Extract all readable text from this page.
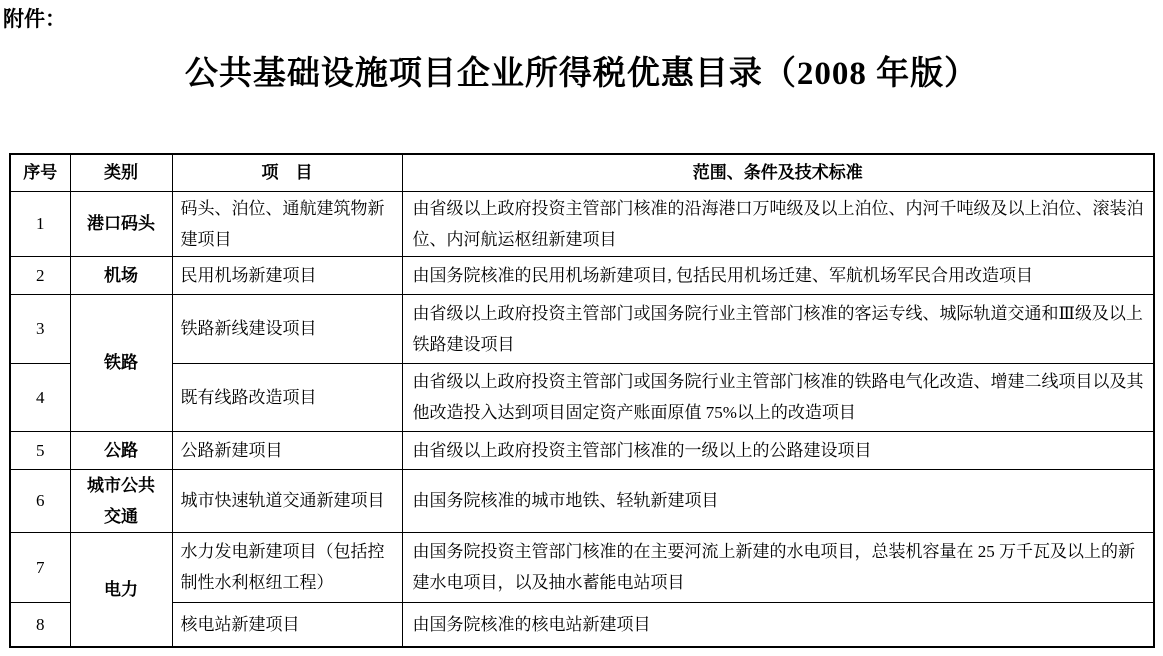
附件：
公共基础设施项目企业所得税优惠目录（2008 年版）
序号	类别	项　目	范围、条件及技术标准
1	港口码头	码头、泊位、通航建筑物新建项目	由省级以上政府投资主管部门核准的沿海港口万吨级及以上泊位、内河千吨级及以上泊位、滚装泊位、内河航运枢纽新建项目
2	机场	民用机场新建项目	由国务院核准的民用机场新建项目, 包括民用机场迁建、军航机场军民合用改造项目
3	铁路	铁路新线建设项目	由省级以上政府投资主管部门或国务院行业主管部门核准的客运专线、城际轨道交通和Ⅲ级及以上铁路建设项目
4		既有线路改造项目	由省级以上政府投资主管部门或国务院行业主管部门核准的铁路电气化改造、增建二线项目以及其他改造投入达到项目固定资产账面原值 75%以上的改造项目
5	公路	公路新建项目	由省级以上政府投资主管部门核准的一级以上的公路建设项目
6	城市公共交通	城市快速轨道交通新建项目	由国务院核准的城市地铁、轻轨新建项目
7	电力	水力发电新建项目（包括控制性水利枢纽工程）	由国务院投资主管部门核准的在主要河流上新建的水电项目，总装机容量在 25 万千瓦及以上的新建水电项目，以及抽水蓄能电站项目
8		核电站新建项目	由国务院核准的核电站新建项目
